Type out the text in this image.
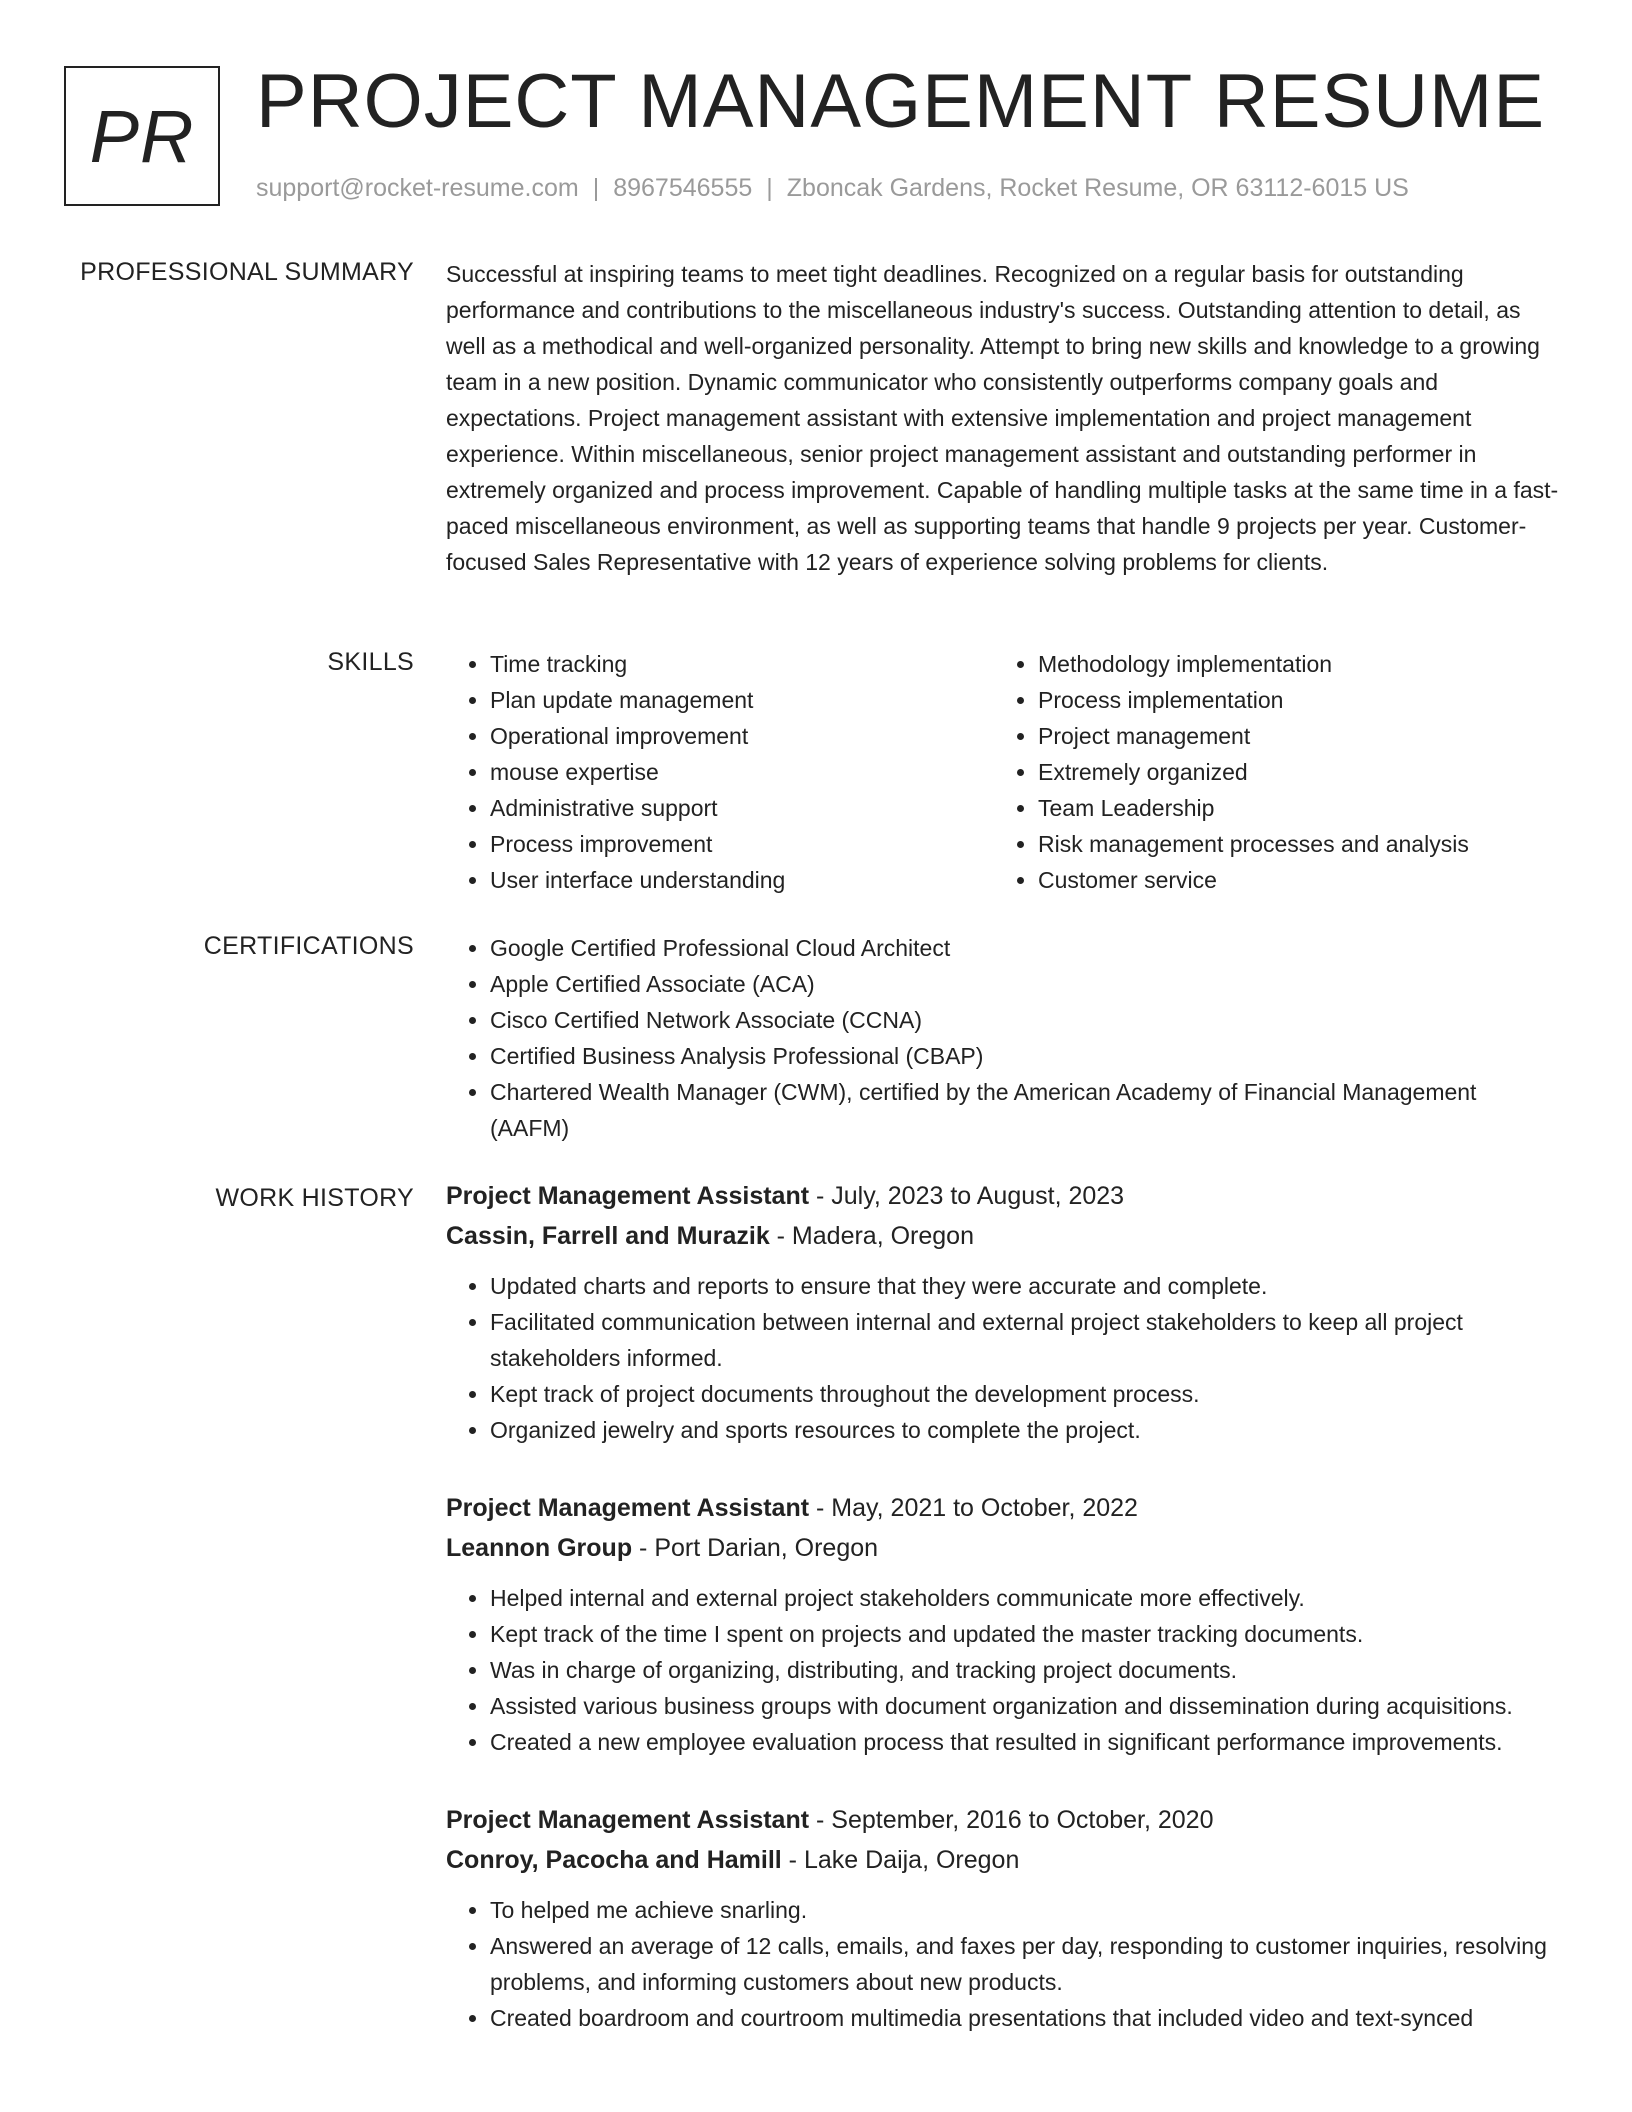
PR PROJECT MANAGEMENT RESUME
support@rocket-resume.com | 8967546555 | Zboncak Gardens, Rocket Resume, OR 63112-6015 US
PROFESSIONAL SUMMARY Successful at inspiring teams to meet tight deadlines. Recognized on a regular basis for outstanding performance and contributions to the miscellaneous industry's success. Outstanding attention to detail, as well as a methodical and well-organized personality. Attempt to bring new skills and knowledge to a growing team in a new position. Dynamic communicator who consistently outperforms company goals and expectations. Project management assistant with extensive implementation and project management experience. Within miscellaneous, senior project management assistant and outstanding performer in extremely organized and process improvement. Capable of handling multiple tasks at the same time in a fast-paced miscellaneous environment, as well as supporting teams that handle 9 projects per year. Customer-focused Sales Representative with 12 years of experience solving problems for clients.
SKILLS	• Time tracking
• Plan update management
• Operational improvement
• mouse expertise
• Administrative support
• Process improvement
• User interface understanding
• Methodology implementation
• Process implementation
• Project management
• Extremely organized
• Team Leadership
• Risk management processes and analysis
• Customer service
CERTIFICATIONS	• Google Certified Professional Cloud Architect
• Apple Certified Associate (ACA)
• Cisco Certified Network Associate (CCNA)
• Certified Business Analysis Professional (CBAP)
• Chartered Wealth Manager (CWM), certified by the American Academy of Financial Management (AAFM)
WORK HISTORY Project Management Assistant - July, 2023 to August, 2023
Cassin, Farrell and Murazik - Madera, Oregon
• Updated charts and reports to ensure that they were accurate and complete.
• Facilitated communication between internal and external project stakeholders to keep all project stakeholders informed.
• Kept track of project documents throughout the development process.
• Organized jewelry and sports resources to complete the project.
Project Management Assistant - May, 2021 to October, 2022
Leannon Group - Port Darian, Oregon
• Helped internal and external project stakeholders communicate more effectively.
• Kept track of the time I spent on projects and updated the master tracking documents.
• Was in charge of organizing, distributing, and tracking project documents.
• Assisted various business groups with document organization and dissemination during acquisitions.
• Created a new employee evaluation process that resulted in significant performance improvements.
Project Management Assistant - September, 2016 to October, 2020
Conroy, Pacocha and Hamill - Lake Daija, Oregon
• To helped me achieve snarling.
• Answered an average of 12 calls, emails, and faxes per day, responding to customer inquiries, resolving problems, and informing customers about new products.
• Created boardroom and courtroom multimedia presentations that included video and text-synced
